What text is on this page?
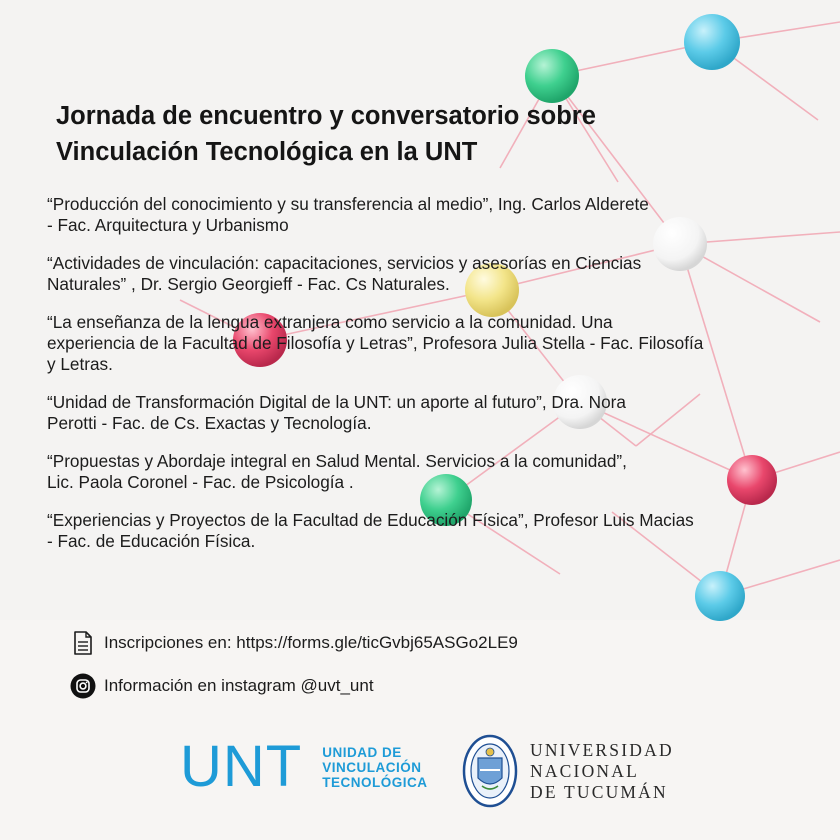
Jornada de encuentro y conversatorio sobre
Vinculación Tecnológica en la UNT
“Producción del conocimiento y su transferencia al medio”, Ing. Carlos Alderete
- Fac. Arquitectura y Urbanismo
“Actividades de vinculación: capacitaciones, servicios y asesorías en Ciencias
Naturales” , Dr. Sergio Georgieff - Fac. Cs Naturales.
“La enseñanza de la lengua extranjera como servicio a la comunidad. Una
experiencia de la Facultad de Filosofía y Letras”, Profesora Julia Stella - Fac. Filosofía
y Letras.
“Unidad de Transformación Digital de la UNT: un aporte al futuro”, Dra. Nora
Perotti - Fac. de Cs. Exactas y Tecnología.
“Propuestas y Abordaje integral en Salud Mental. Servicios a la comunidad”,
Lic. Paola Coronel - Fac. de Psicología .
“Experiencias y Proyectos de la Facultad de Educación Física”, Profesor Luis Macias
- Fac. de Educación Física.
Inscripciones en: https://forms.gle/ticGvbj65ASGo2LE9
Información en instagram @uvt_unt
UNT UNIDAD DE
VINCULACIÓN
TECNOLÓGICA
UNIVERSIDAD
NACIONAL
DE TUCUMÁN
